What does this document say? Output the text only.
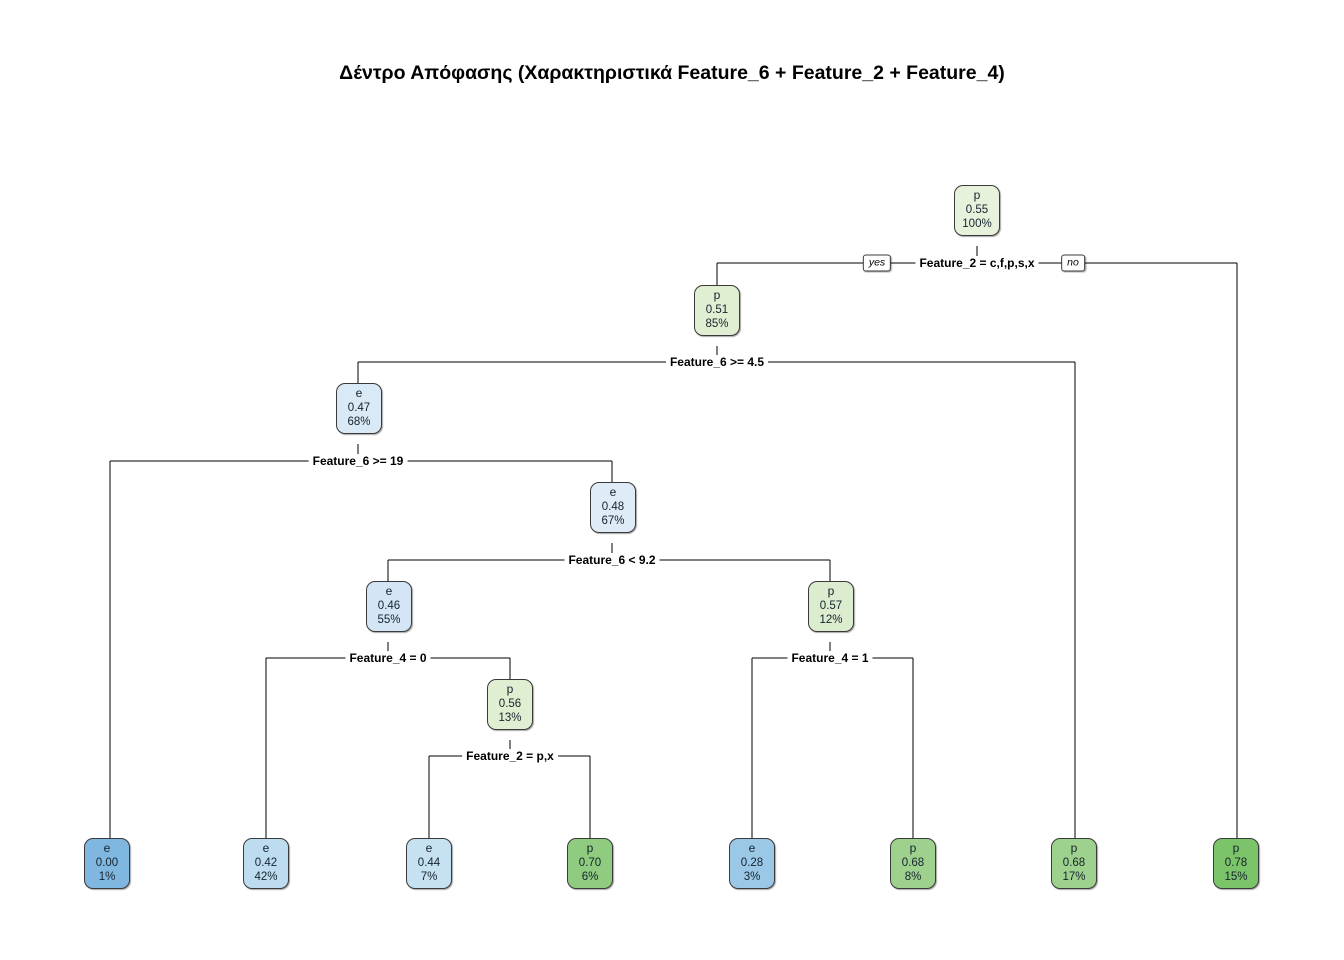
Δέντρο Απόφασης (Χαρακτηριστικά Feature_6 + Feature_2 + Feature_4)
yes	no
Feature_2 = c,f,p,s,x
Feature_6 >= 4.5
Feature_6 >= 19
Feature_6 < 9.2
Feature_4 = 0	Feature_4 = 1
Feature_2 = p,x
p
0.55
100%
p
0.51
85%
e
0.47
68%
e
0.48
67%
e
0.46
55%
p
0.57
12%
p
0.56
13%
e
0.00
1%
e
0.42
42%
e
0.44
7%
p
0.70
6%
e
0.28
3%
p
0.68
8%
p
0.68
17%
p
0.78
15%
